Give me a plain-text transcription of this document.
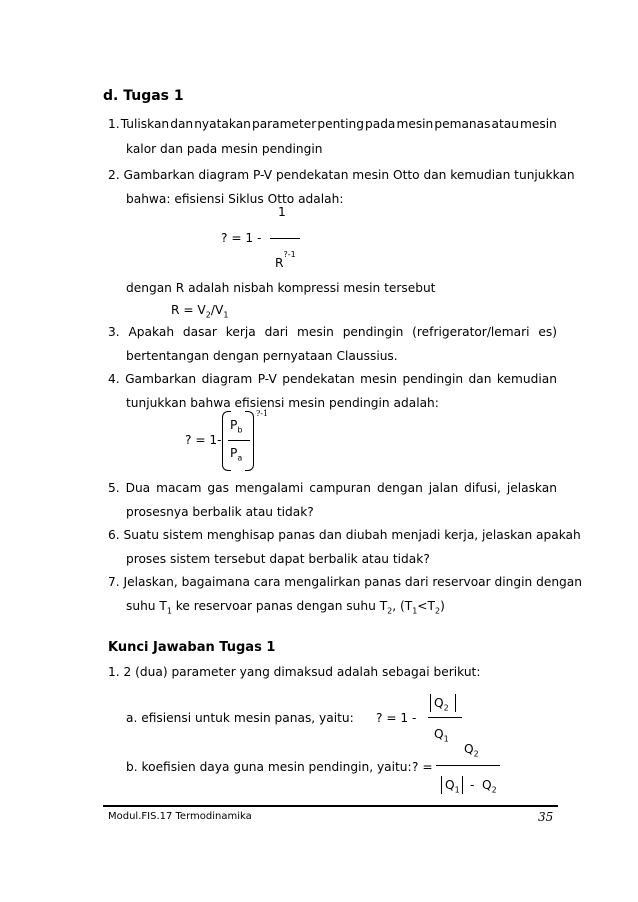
d. Tugas 1
1. Tuliskan dan nyatakan parameter penting pada mesin pemanas atau mesin
kalor dan pada mesin pendingin
2. Gambarkan diagram P-V pendekatan mesin Otto dan kemudian tunjukkan
bahwa: efisiensi Siklus Otto adalah:
1
? = 1 -
$R^{?-1}$
dengan R adalah nisbah kompressi mesin tersebut
$R = V_2/V_1$
3. Apakah dasar kerja dari mesin pendingin (refrigerator/lemari es)
bertentangan dengan pernyataan Claussius.
4. Gambarkan diagram P-V pendekatan mesin pendingin dan kemudian
tunjukkan bahwa efisiensi mesin pendingin adalah:
? = 1-
$P_b$
$P_a$
?-1
5. Dua macam gas mengalami campuran dengan jalan difusi, jelaskan
prosesnya berbalik atau tidak?
6. Suatu sistem menghisap panas dan diubah menjadi kerja, jelaskan apakah
proses sistem tersebut dapat berbalik atau tidak?
7. Jelaskan, bagaimana cara mengalirkan panas dari reservoar dingin dengan
suhu $T_1$ ke reservoar panas dengan suhu $T_2$, $(T_1<T_2)$
Kunci Jawaban Tugas 1
1. 2 (dua) parameter yang dimaksud adalah sebagai berikut:
a. efisiensi untuk mesin panas, yaitu: ? = 1 -
$Q_2$
$Q_1$
b. koefisien daya guna mesin pendingin, yaitu: ? =
$Q_2$
$Q_1 - Q_2$
Modul.FIS.17 Termodinamika	35
